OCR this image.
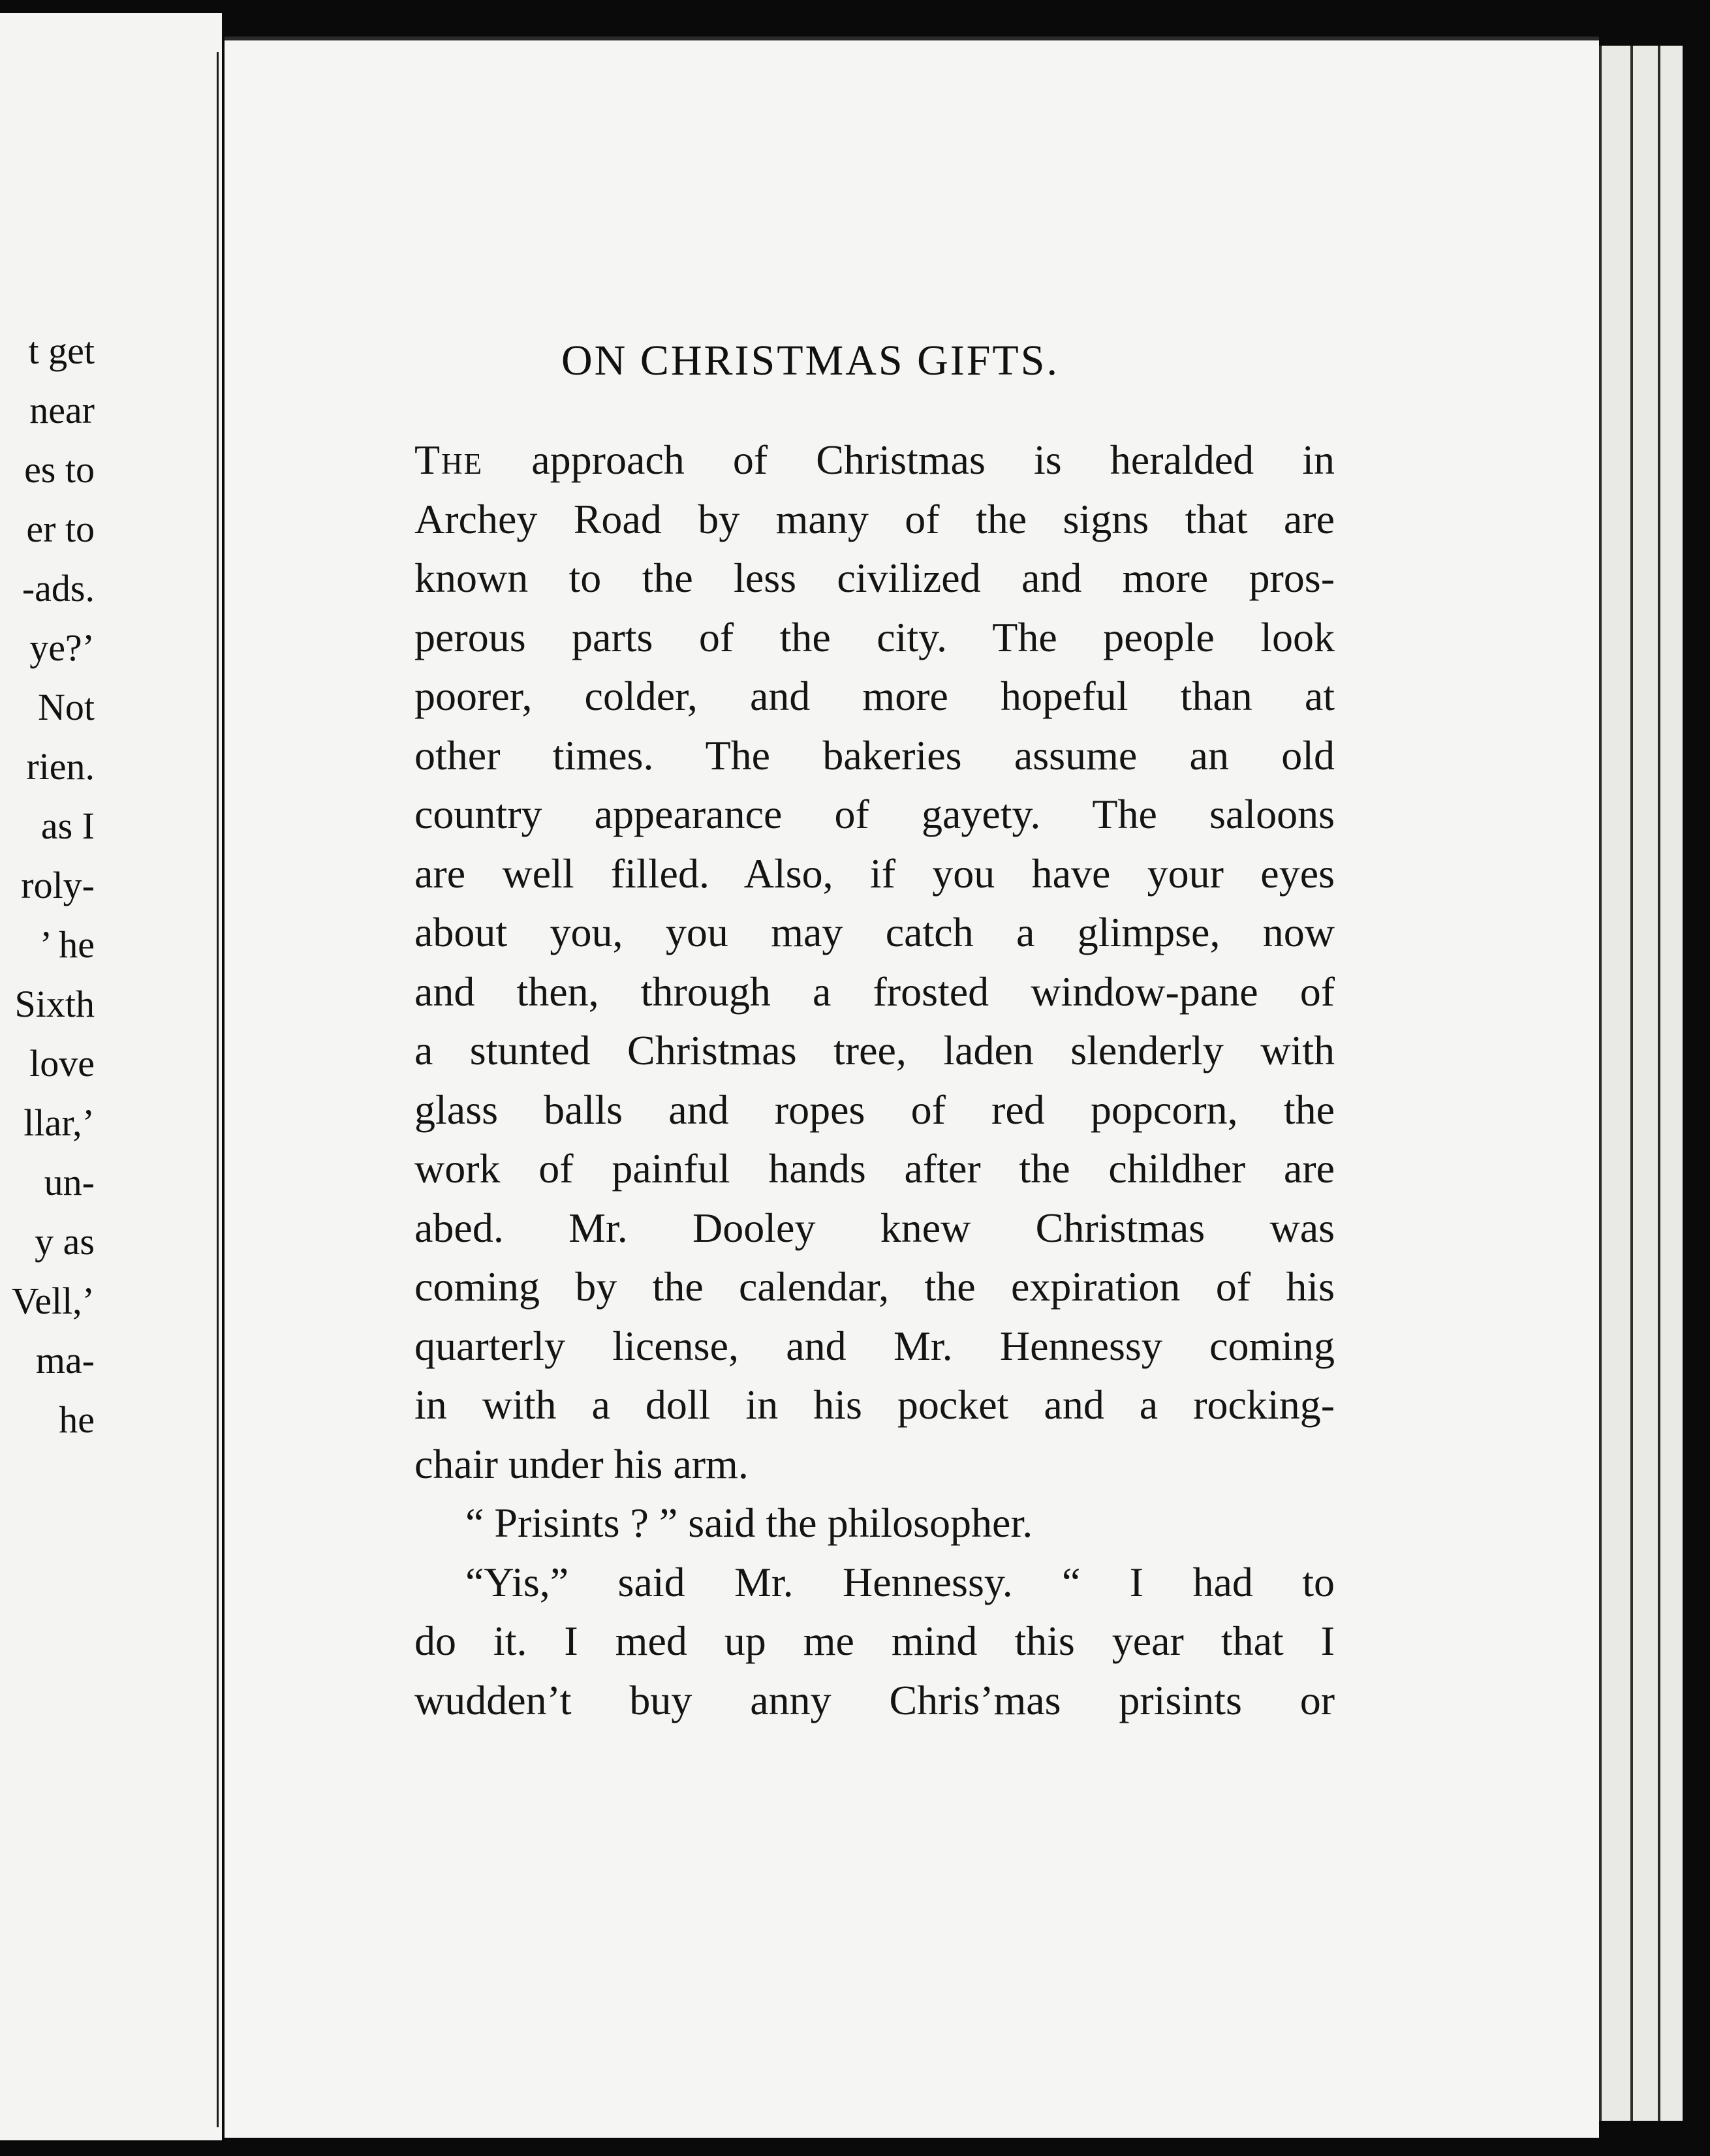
t get
near
es to
er to
-ads.
ye?’
Not
rien.
as I
roly-
’ he
Sixth
love
llar,’
un-
y as
Vell,’
ma-
he
ON CHRISTMAS GIFTS.
The approach of Christmas is heralded in
Archey Road by many of the signs that are
known to the less civilized and more pros-
perous parts of the city. The people look
poorer, colder, and more hopeful than at
other times. The bakeries assume an old
country appearance of gayety. The saloons
are well filled. Also, if you have your eyes
about you, you may catch a glimpse, now
and then, through a frosted window-pane of
a stunted Christmas tree, laden slenderly with
glass balls and ropes of red popcorn, the
work of painful hands after the childher are
abed. Mr. Dooley knew Christmas was
coming by the calendar, the expiration of his
quarterly license, and Mr. Hennessy coming
in with a doll in his pocket and a rocking-
chair under his arm.
“ Prisints ? ” said the philosopher.
“Yis,” said Mr. Hennessy. “ I had to
do it. I med up me mind this year that I
wudden’t buy anny Chris’mas prisints or
